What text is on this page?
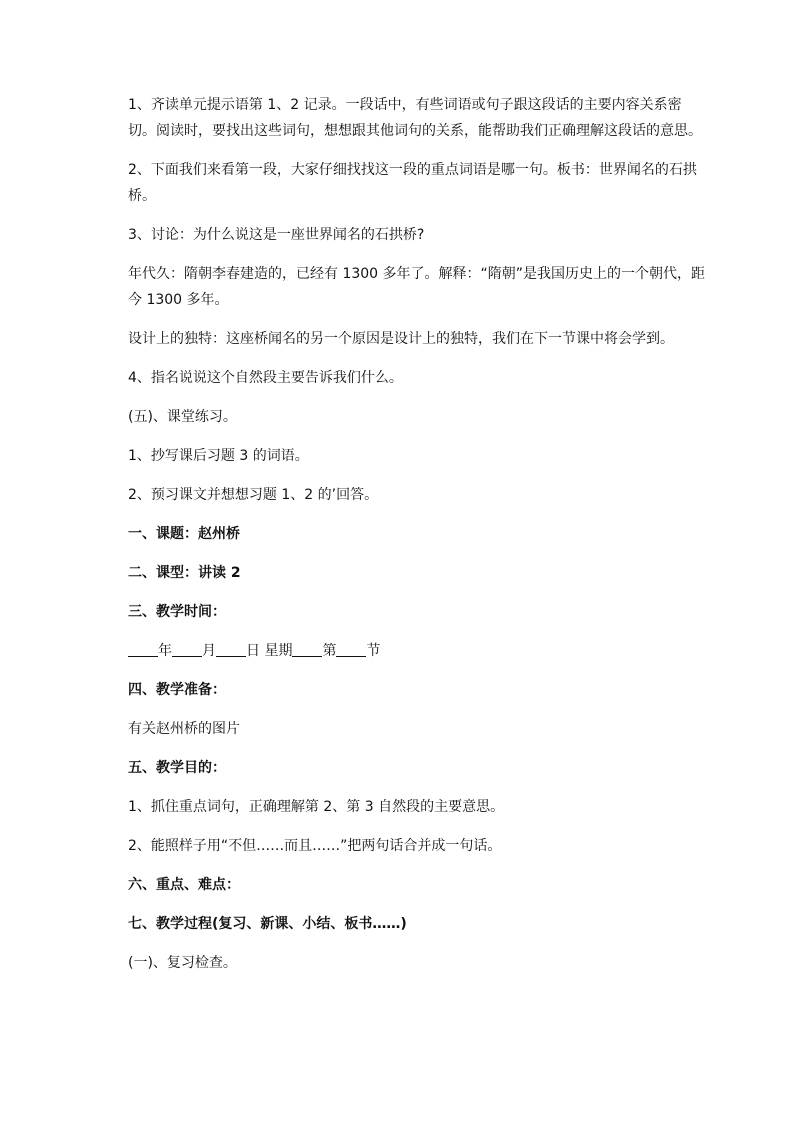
1、齐读单元提示语第 1、2 记录。一段话中，有些词语或句子跟这段话的主要内容关系密切。阅读时，要找出这些词句，想想跟其他词句的关系，能帮助我们正确理解这段话的意思。

2、下面我们来看第一段，大家仔细找找这一段的重点词语是哪一句。板书：世界闻名的石拱桥。

3、讨论：为什么说这是一座世界闻名的石拱桥?

年代久：隋朝李春建造的，已经有 1300 多年了。解释：“隋朝”是我国历史上的一个朝代，距今 1300 多年。

设计上的独特：这座桥闻名的另一个原因是设计上的独特，我们在下一节课中将会学到。

4、指名说说这个自然段主要告诉我们什么。

(五)、课堂练习。

1、抄写课后习题 3 的词语。

2、预习课文并想想习题 1、2 的’回答。

一、课题：赵州桥

二、课型：讲读 2

三、教学时间：

年 月 日 星期 第 节

四、教学准备：

有关赵州桥的图片

五、教学目的：

1、抓住重点词句，正确理解第 2、第 3 自然段的主要意思。

2、能照样子用“不但……而且……”把两句话合并成一句话。

六、重点、难点：

七、教学过程(复习、新课、小结、板书……)

(一)、复习检查。
